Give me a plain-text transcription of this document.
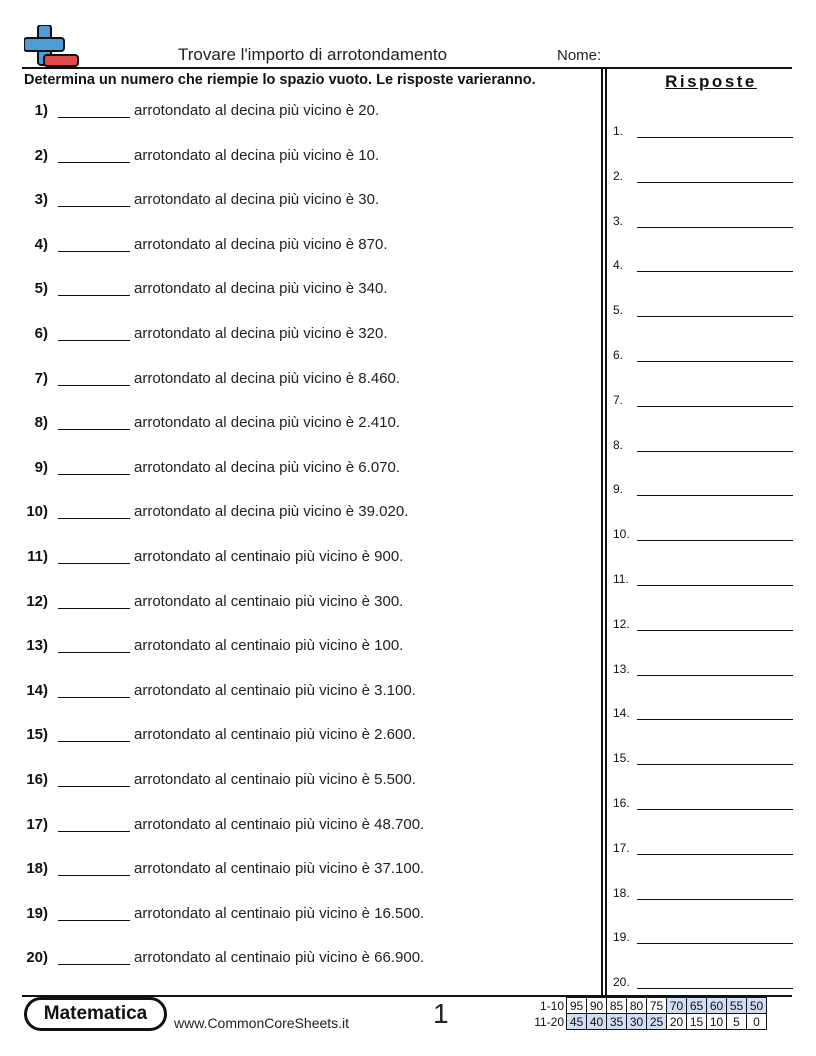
Trovare l'importo di arrotondamento	Nome:
Determina un numero che riempie lo spazio vuoto. Le risposte varieranno.	Risposte
1)	arrotondato al decina più vicino è 20.
2)	arrotondato al decina più vicino è 10.
3)	arrotondato al decina più vicino è 30.
4)	arrotondato al decina più vicino è 870.
5)	arrotondato al decina più vicino è 340.
6)	arrotondato al decina più vicino è 320.
7)	arrotondato al decina più vicino è 8.460.
8)	arrotondato al decina più vicino è 2.410.
9)	arrotondato al decina più vicino è 6.070.
10)	arrotondato al decina più vicino è 39.020.
11)	arrotondato al centinaio più vicino è 900.
12)	arrotondato al centinaio più vicino è 300.
13)	arrotondato al centinaio più vicino è 100.
14)	arrotondato al centinaio più vicino è 3.100.
15)	arrotondato al centinaio più vicino è 2.600.
16)	arrotondato al centinaio più vicino è 5.500.
17)	arrotondato al centinaio più vicino è 48.700.
18)	arrotondato al centinaio più vicino è 37.100.
19)	arrotondato al centinaio più vicino è 16.500.
20)	arrotondato al centinaio più vicino è 66.900.
1.
2.
3.
4.
5.
6.
7.
8.
9.
10.
11.
12.
13.
14.
15.
16.
17.
18.
19.
20.
Matematica	www.CommonCoreSheets.it	1	1-10	95	90	85	80	75	70	65	60	55	50
11-20	45	40	35	30	25	20	15	10	5	0
